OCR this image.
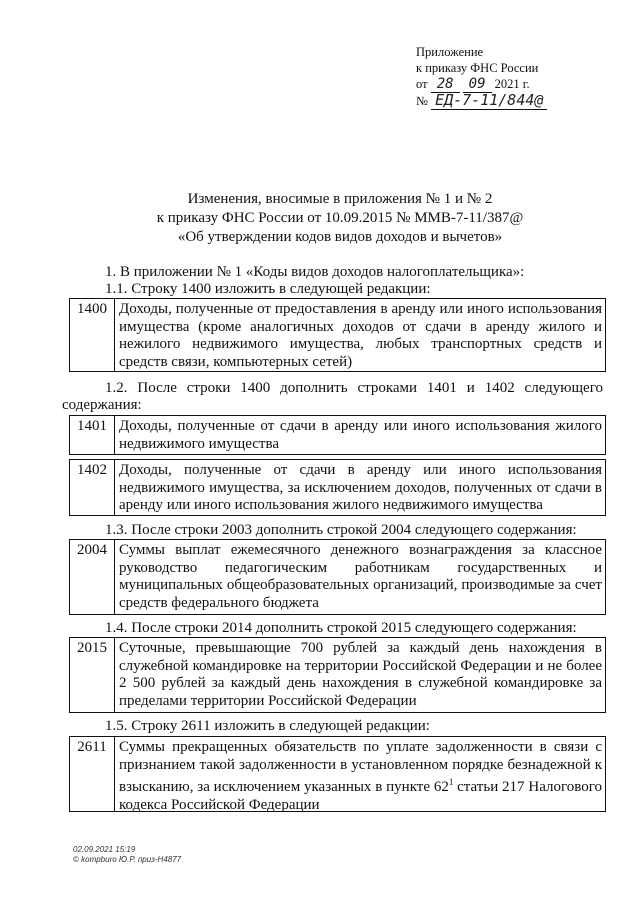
Приложение
к приказу ФНС России
от 28 09 2021 г.
№ ЕД-7-11/844@
Изменения, вносимые в приложения № 1 и № 2
к приказу ФНС России от 10.09.2015 № ММВ-7-11/387@
«Об утверждении кодов видов доходов и вычетов»
1. В приложении № 1 «Коды видов доходов налогоплательщика»:
1.1. Строку 1400 изложить в следующей редакции:
1400 Доходы, полученные от предоставления в аренду или иного использования имущества (кроме аналогичных доходов от сдачи в аренду жилого и нежилого недвижимого имущества, любых транспортных средств и средств связи, компьютерных сетей)
1.2. После строки 1400 дополнить строками 1401 и 1402 следующего
содержания:
1401 Доходы, полученные от сдачи в аренду или иного использования жилого недвижимого имущества
1402 Доходы, полученные от сдачи в аренду или иного использования недвижимого имущества, за исключением доходов, полученных от сдачи в аренду или иного использования жилого недвижимого имущества
1.3. После строки 2003 дополнить строкой 2004 следующего содержания:
2004 Суммы выплат ежемесячного денежного вознаграждения за классное руководство педагогическим работникам государственных и муниципальных общеобразовательных организаций, производимые за счет средств федерального бюджета
1.4. После строки 2014 дополнить строкой 2015 следующего содержания:
2015 Суточные, превышающие 700 рублей за каждый день нахождения в служебной командировке на территории Российской Федерации и не более 2 500 рублей за каждый день нахождения в служебной командировке за пределами территории Российской Федерации
1.5. Строку 2611 изложить в следующей редакции:
2611 Суммы прекращенных обязательств по уплате задолженности в связи с признанием такой задолженности в установленном порядке безнадежной к взысканию, за исключением указанных в пункте $62^1$ статьи 217 Налогового кодекса Российской Федерации
02.09.2021 15:19
© kompburo Ю.Р. приз-Н4877
